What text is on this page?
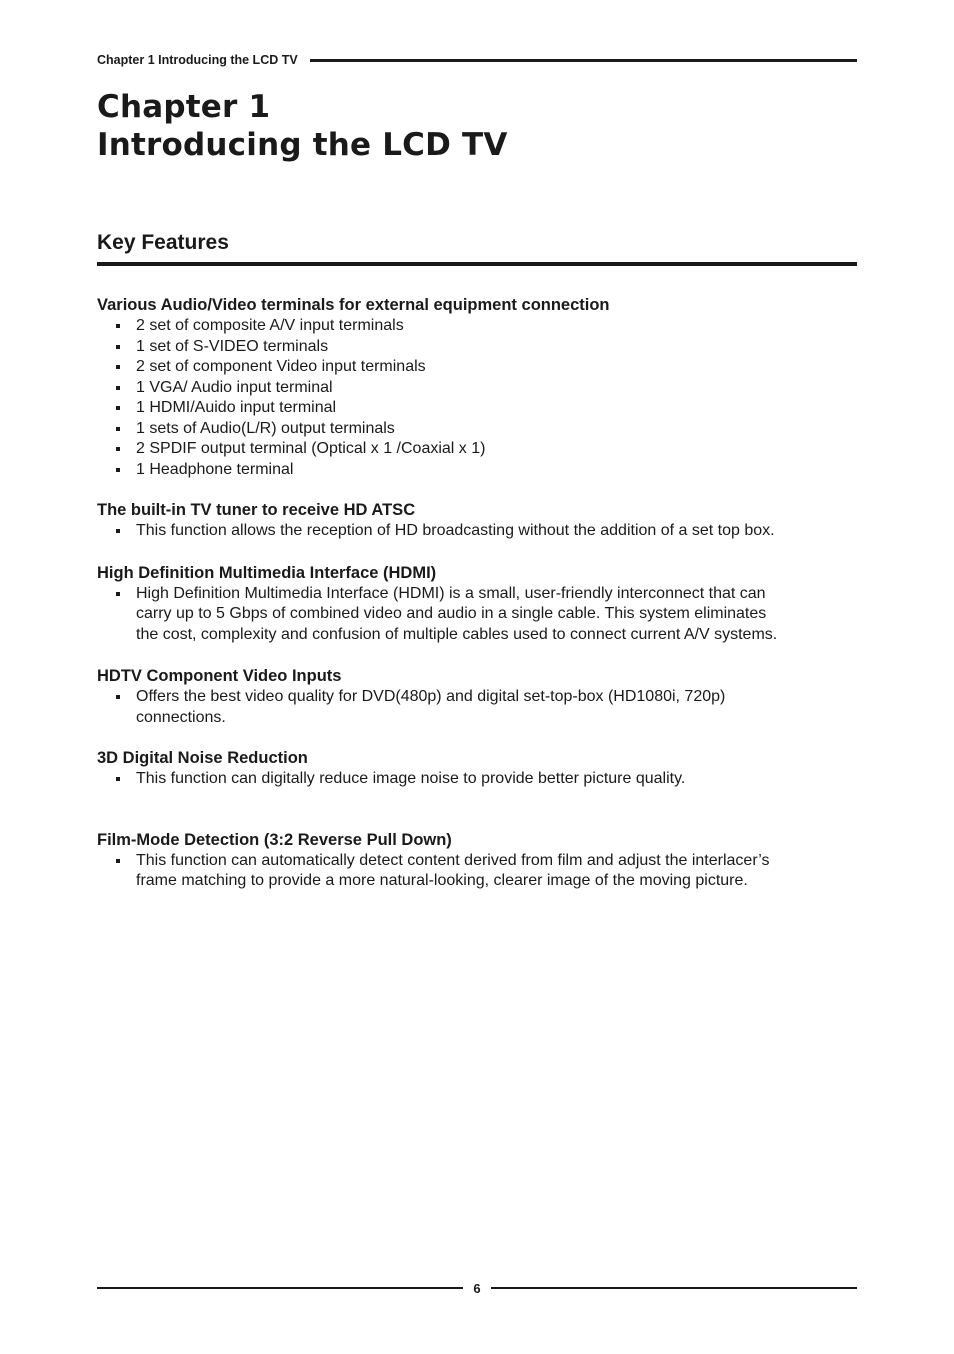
Chapter 1 Introducing the LCD TV
Chapter 1
Introducing the LCD TV
Key Features
Various Audio/Video terminals for external equipment connection
2 set of composite A/V input terminals
1 set of S-VIDEO terminals
2 set of component Video input terminals
1 VGA/ Audio input terminal
1 HDMI/Auido input terminal
1 sets of Audio(L/R) output terminals
2 SPDIF output terminal (Optical x 1 /Coaxial x 1)
1 Headphone terminal
The built-in TV tuner to receive HD ATSC
This function allows the reception of HD broadcasting without the addition of a set top box.
High Definition Multimedia Interface (HDMI)
High Definition Multimedia Interface (HDMI) is a small, user-friendly interconnect that can carry up to 5 Gbps of combined video and audio in a single cable. This system eliminates the cost, complexity and confusion of multiple cables used to connect current A/V systems.
HDTV Component Video Inputs
Offers the best video quality for DVD(480p) and digital set-top-box (HD1080i, 720p) connections.
3D Digital Noise Reduction
This function can digitally reduce image noise to provide better picture quality.
Film-Mode Detection (3:2 Reverse Pull Down)
This function can automatically detect content derived from film and adjust the interlacer’s frame matching to provide a more natural-looking, clearer image of the moving picture.
6
